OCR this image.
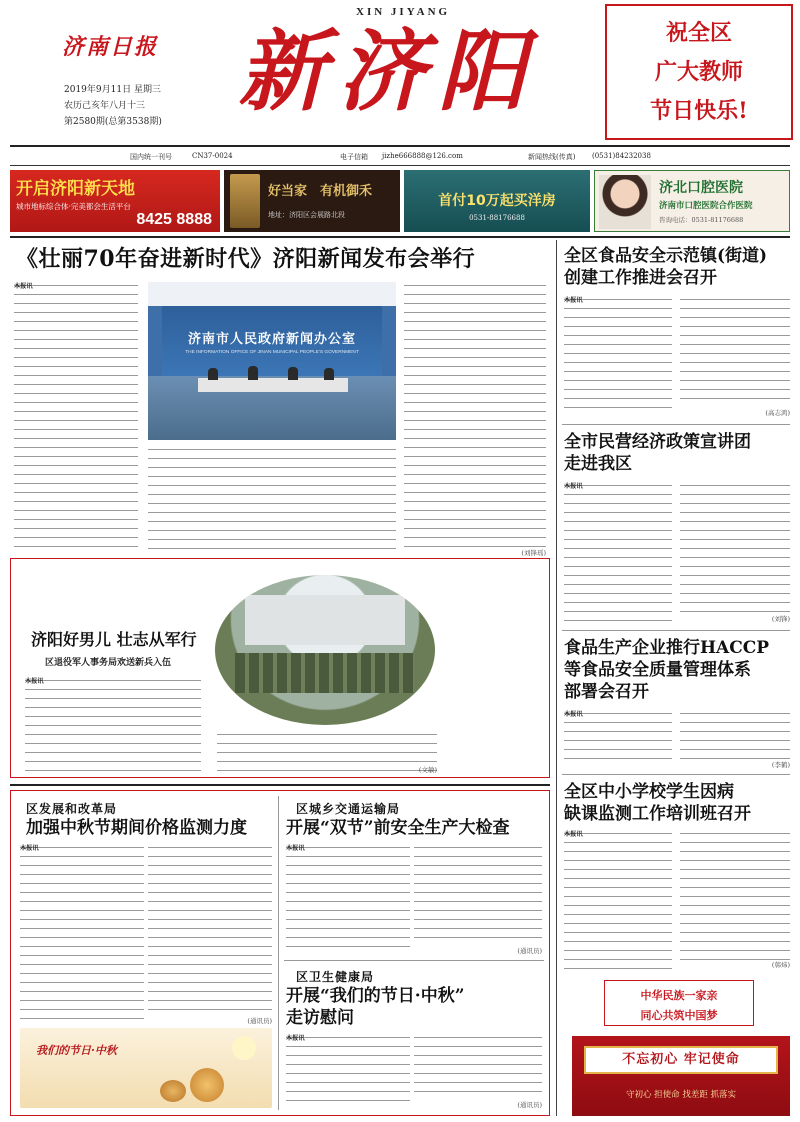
济南日报
2019年9月11日 星期三
农历己亥年八月十三
第2580期(总第3538期)
XIN JIYANG
新济阳	祝全区
广大教师
节日快乐!
国内统一刊号	CN37-0024	电子信箱 jizhe666888@126.com	新闻热线(传真) (0531)84232038
开启济阳新天地
城市地标综合体·完美都会生活平台
8425 8888
好当家 有机御禾
地址：济阳区会展路北段
首付10万起买洋房
0531-88176688
济北口腔医院
济南市口腔医院合作医院
咨询电话：0531-81176688
《壮丽70年奋进新时代》济阳新闻发布会举行
本报讯
济南市人民政府新闻办公室
THE INFORMATION OFFICE OF JINAN MUNICIPAL PEOPLE'S GOVERNMENT
(刘锋瑶)
济阳好男儿 壮志从军行
区退役军人事务局欢送新兵入伍
本报讯
(文敏)
区发展和改革局
加强中秋节期间价格监测力度
本报讯
(通讯员)
我们的节日·中秋
区城乡交通运输局
开展“双节”前安全生产大检查
本报讯
(通讯员)
区卫生健康局
开展“我们的节日·中秋”
走访慰问
本报讯
(通讯员)
全区食品安全示范镇(街道)
创建工作推进会召开
本报讯
(高志鸿)
全市民营经济政策宣讲团
走进我区
本报讯
(刘锋)
食品生产企业推行HACCP
等食品安全质量管理体系
部署会召开
本报讯
(李鹤)
全区中小学校学生因病
缺课监测工作培训班召开
本报讯
(韩炜)
中华民族一家亲
同心共筑中国梦
不忘初心 牢记使命
守初心 担使命 找差距 抓落实
